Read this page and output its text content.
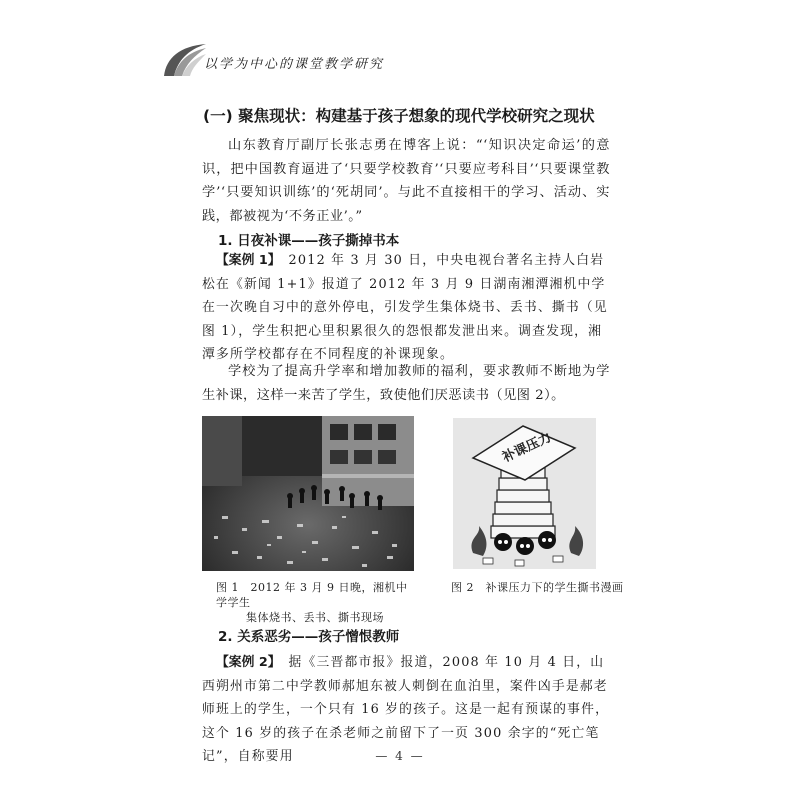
以学为中心的课堂教学研究
(一) 聚焦现状：构建基于孩子想象的现代学校研究之现状
山东教育厅副厅长张志勇在博客上说：“‘知识决定命运’的意识，把中国教育逼进了‘只要学校教育’‘只要应考科目’‘只要课堂教学’‘只要知识训练’的‘死胡同’。与此不直接相干的学习、活动、实践，都被视为‘不务正业’。”
1. 日夜补课——孩子撕掉书本
【案例 1】 2012 年 3 月 30 日，中央电视台著名主持人白岩松在《新闻 1+1》报道了 2012 年 3 月 9 日湖南湘潭湘机中学在一次晚自习中的意外停电，引发学生集体烧书、丢书、撕书（见图 1），学生积把心里积累很久的怨恨都发泄出来。调查发现，湘潭多所学校都存在不同程度的补课现象。
学校为了提高升学率和增加教师的福利，要求教师不断地为学生补课，这样一来苦了学生，致使他们厌恶读书（见图 2）。
补课压力
图 1　2012 年 3 月 9 日晚，湘机中学学生
集体烧书、丢书、撕书现场
图 2　补课压力下的学生撕书漫画
2. 关系恶劣——孩子憎恨教师
【案例 2】 据《三晋都市报》报道，2008 年 10 月 4 日，山西朔州市第二中学教师郝旭东被人刺倒在血泊里，案件凶手是郝老师班上的学生，一个只有 16 岁的孩子。这是一起有预谋的事件，这个 16 岁的孩子在杀老师之前留下了一页 300 余字的“死亡笔记”，自称要用	— 4 —
